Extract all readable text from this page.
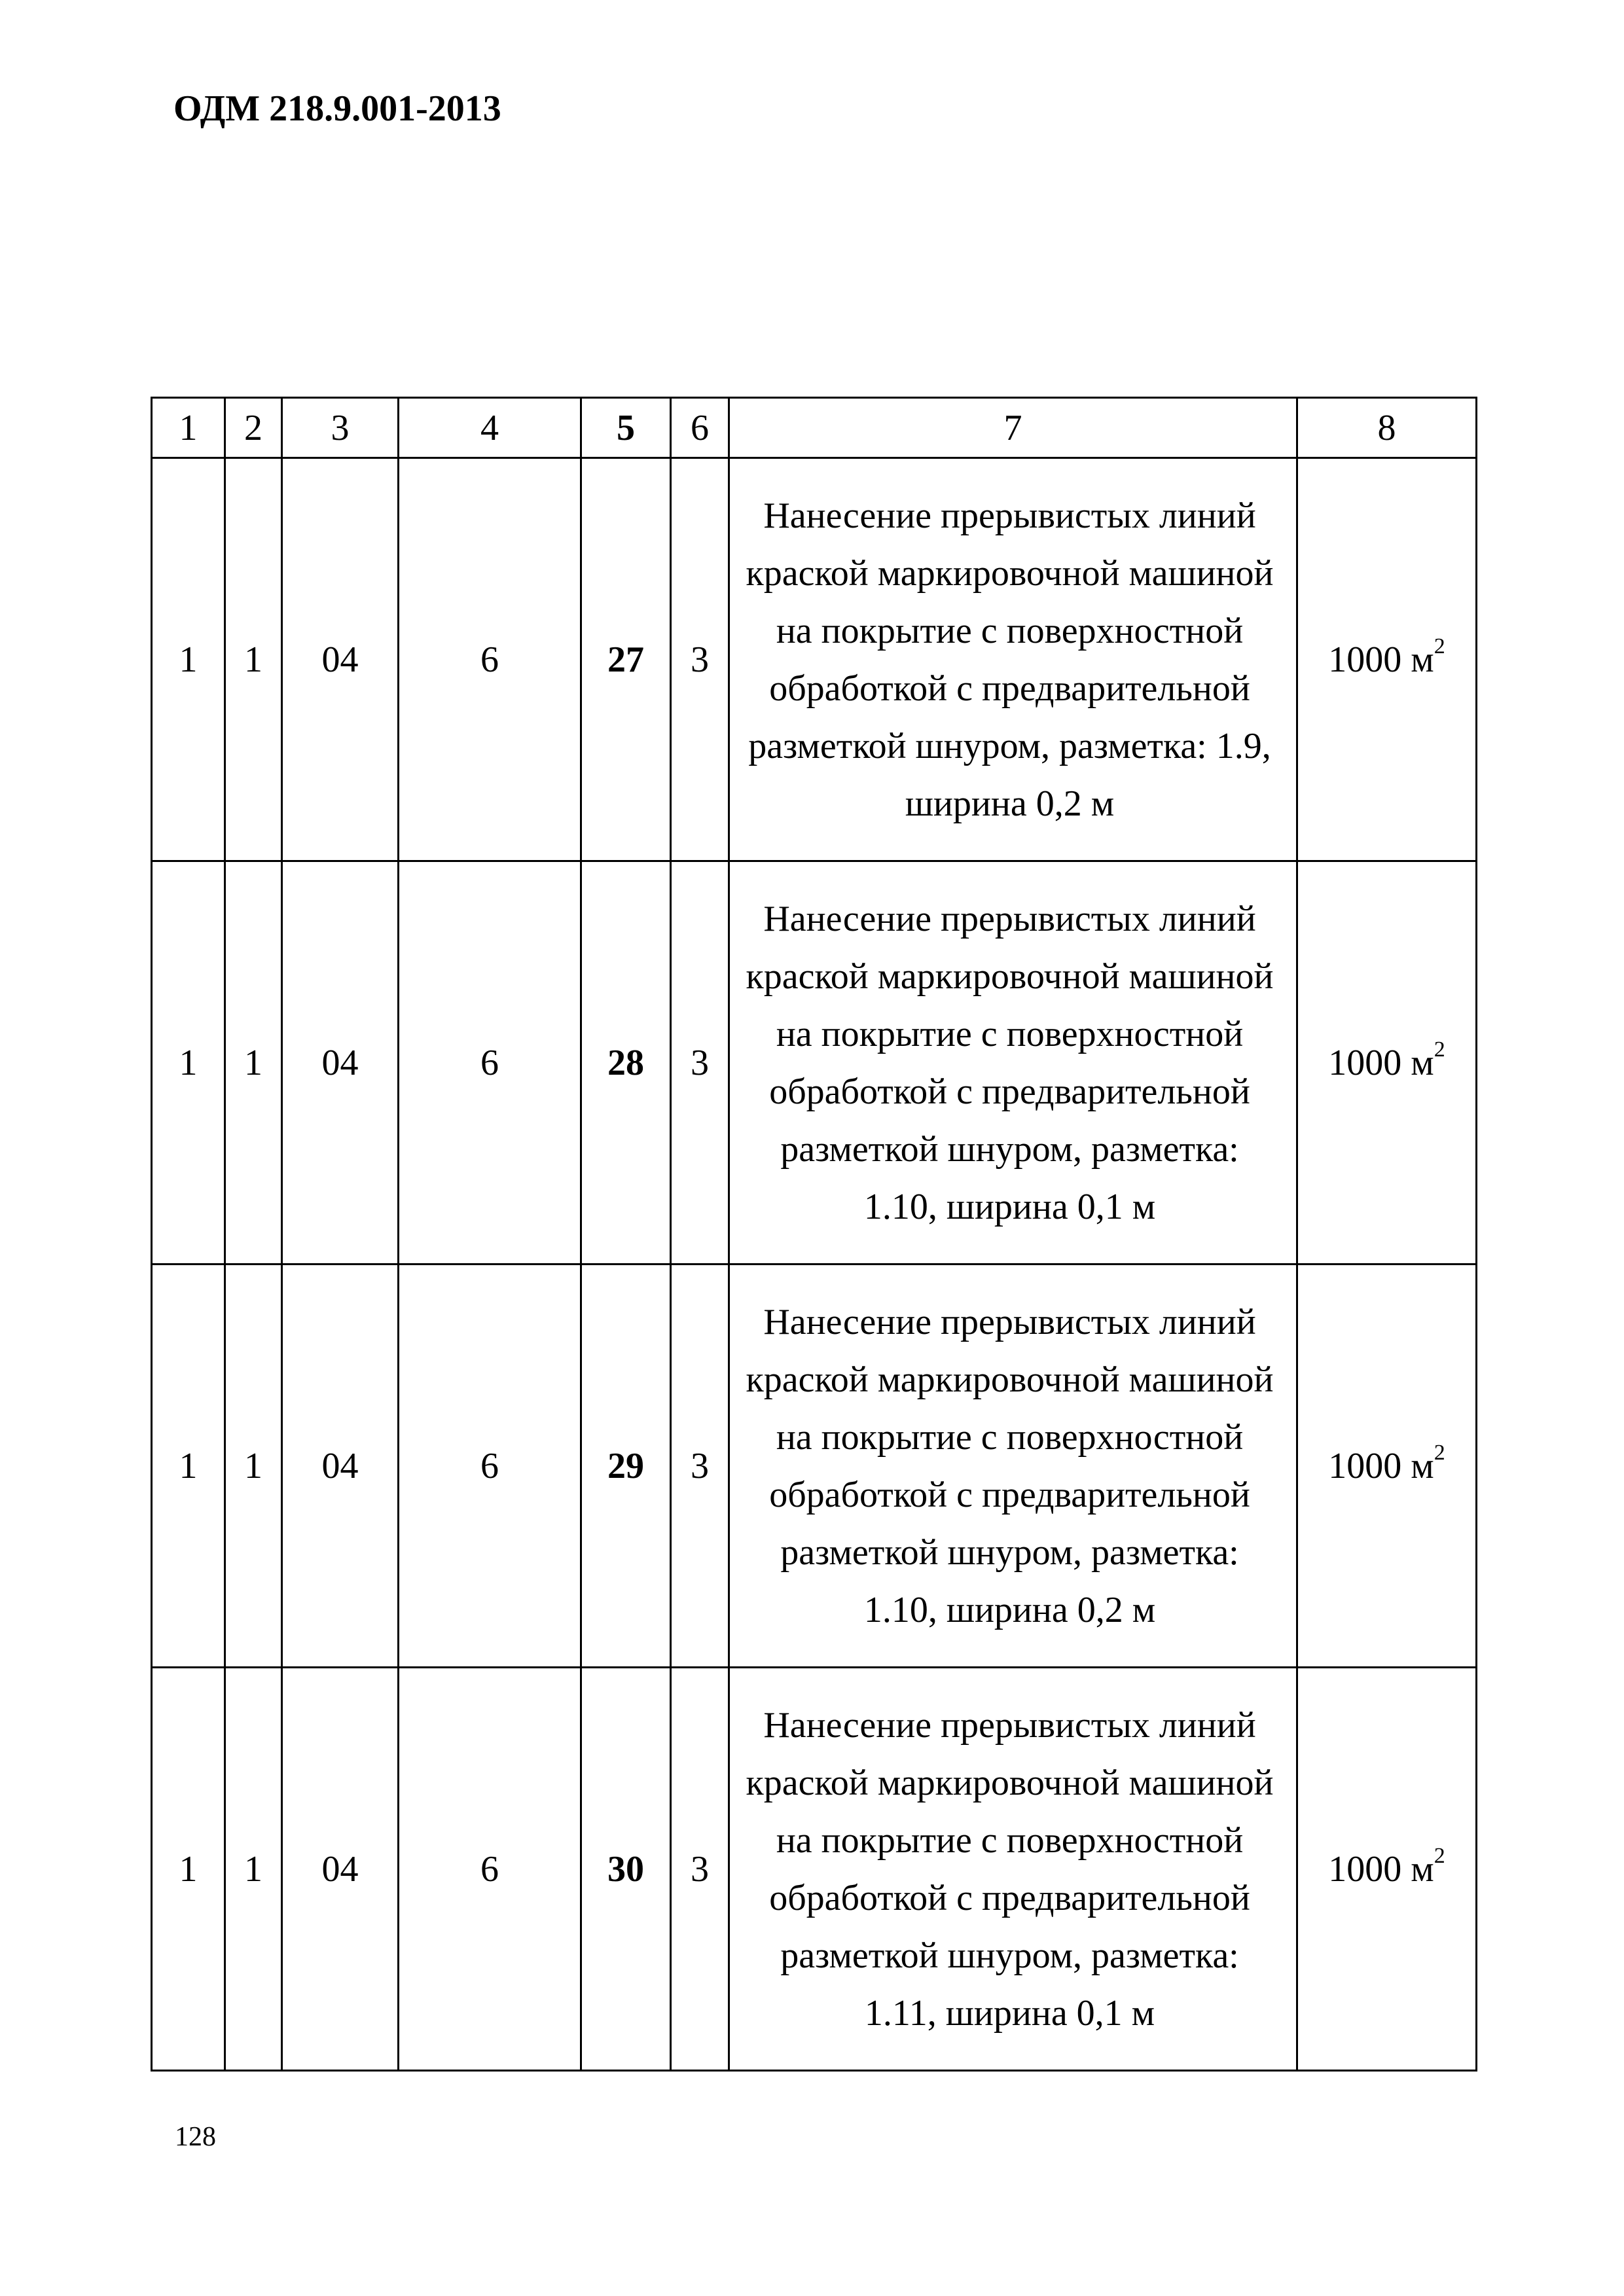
ОДМ 218.9.001-2013
1	2	3	4	5	6	7	8
1	1	04	6	27	3	Нанесение прерывистых линий краской маркировочной машиной на покрытие с поверхностной обработкой с предварительной разметкой шнуром, разметка: 1.9, ширина 0,2 м	1000 $м^2$
1	1	04	6	28	3	Нанесение прерывистых линий краской маркировочной машиной на покрытие с поверхностной обработкой с предварительной разметкой шнуром, разметка: 1.10, ширина 0,1 м	1000 $м^2$
1	1	04	6	29	3	Нанесение прерывистых линий краской маркировочной машиной на покрытие с поверхностной обработкой с предварительной разметкой шнуром, разметка: 1.10, ширина 0,2 м	1000 $м^2$
1	1	04	6	30	3	Нанесение прерывистых линий краской маркировочной машиной на покрытие с поверхностной обработкой с предварительной разметкой шнуром, разметка: 1.11, ширина 0,1 м	1000 $м^2$
128
